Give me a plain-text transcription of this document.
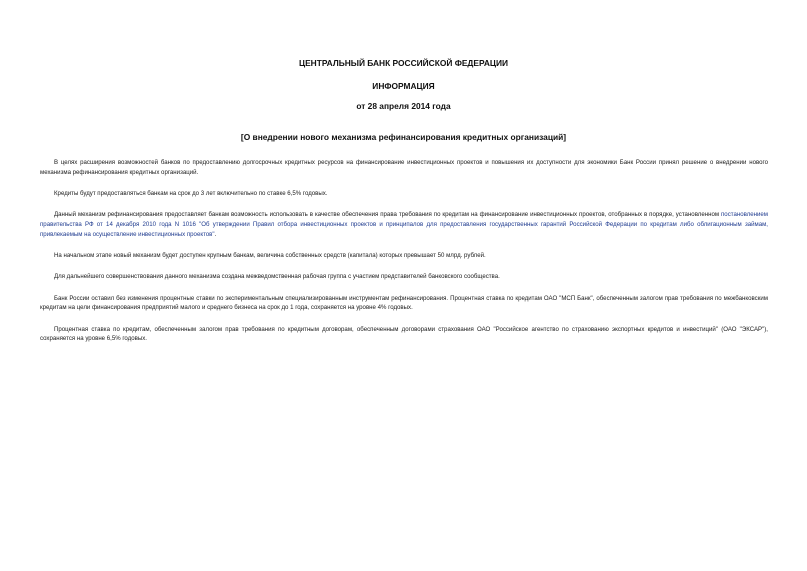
ЦЕНТРАЛЬНЫЙ БАНК РОССИЙСКОЙ ФЕДЕРАЦИИ
ИНФОРМАЦИЯ
от 28 апреля 2014 года
[О внедрении нового механизма рефинансирования кредитных организаций]

В целях расширения возможностей банков по предоставлению долгосрочных кредитных ресурсов на финансирование инвестиционных проектов и повышения их доступности для экономики Банк России принял решение о внедрении нового механизма рефинансирования кредитных организаций.

Кредиты будут предоставляться банкам на срок до 3 лет включительно по ставке 6,5% годовых.

Данный механизм рефинансирования предоставляет банкам возможность использовать в качестве обеспечения права требования по кредитам на финансирование инвестиционных проектов, отобранных в порядке, установленном постановлением правительства РФ от 14 декабря 2010 года N 1016 "Об утверждении Правил отбора инвестиционных проектов и принципалов для предоставления государственных гарантий Российской Федерации по кредитам либо облигационным займам, привлекаемым на осуществление инвестиционных проектов".

На начальном этапе новый механизм будет доступен крупным банкам, величина собственных средств (капитала) которых превышает 50 млрд. рублей.

Для дальнейшего совершенствования данного механизма создана межведомственная рабочая группа с участием представителей банковского сообщества.

Банк России оставил без изменения процентные ставки по экспериментальным специализированным инструментам рефинансирования. Процентная ставка по кредитам ОАО "МСП Банк", обеспеченным залогом прав требования по межбанковским кредитам на цели финансирования предприятий малого и среднего бизнеса на срок до 1 года, сохраняется на уровне 4% годовых.

Процентная ставка по кредитам, обеспеченным залогом прав требования по кредитным договорам, обеспеченным договорами страхования ОАО "Российское агентство по страхованию экспортных кредитов и инвестиций" (ОАО "ЭКСАР"), сохраняется на уровне 6,5% годовых.
